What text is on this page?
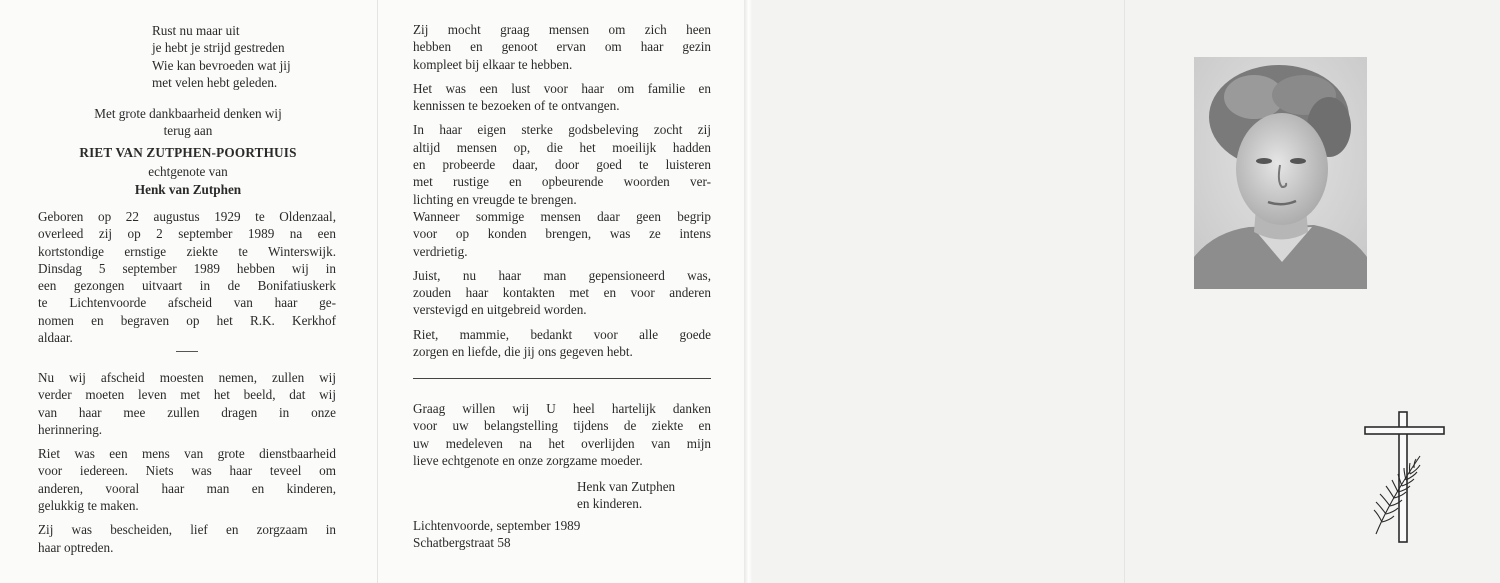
Rust nu maar uit

je hebt je strijd gestreden

Wie kan bevroeden wat jij

met velen hebt geleden.

Met grote dankbaarheid denken wij

terug aan

RIET VAN ZUTPHEN-POORTHUIS
echtgenote van
Henk van Zutphen

Geboren op 22 augustus 1929 te Oldenzaal,

overleed zij op 2 september 1989 na een

kortstondige ernstige ziekte te Winterswijk.

Dinsdag 5 september 1989 hebben wij in

een gezongen uitvaart in de Bonifatiuskerk

te Lichtenvoorde afscheid van haar ge-

nomen en begraven op het R.K. Kerkhof

aldaar.

Nu wij afscheid moesten nemen, zullen wij

verder moeten leven met het beeld, dat wij

van haar mee zullen dragen in onze

herinnering.

Riet was een mens van grote dienstbaarheid

voor iedereen. Niets was haar teveel om

anderen, vooral haar man en kinderen,

gelukkig te maken.

Zij was bescheiden, lief en zorgzaam in

haar optreden.

Zij mocht graag mensen om zich heen

hebben en genoot ervan om haar gezin

kompleet bij elkaar te hebben.

Het was een lust voor haar om familie en

kennissen te bezoeken of te ontvangen.

In haar eigen sterke godsbeleving zocht zij

altijd mensen op, die het moeilijk hadden

en probeerde daar, door goed te luisteren

met rustige en opbeurende woorden ver-

lichting en vreugde te brengen.

Wanneer sommige mensen daar geen begrip

voor op konden brengen, was ze intens

verdrietig.

Juist, nu haar man gepensioneerd was,

zouden haar kontakten met en voor anderen

verstevigd en uitgebreid worden.

Riet, mammie, bedankt voor alle goede

zorgen en liefde, die jij ons gegeven hebt.

Graag willen wij U heel hartelijk danken

voor uw belangstelling tijdens de ziekte en

uw medeleven na het overlijden van mijn

lieve echtgenote en onze zorgzame moeder.

Henk van Zutphen

en kinderen.

Lichtenvoorde, september 1989

Schatbergstraat 58
